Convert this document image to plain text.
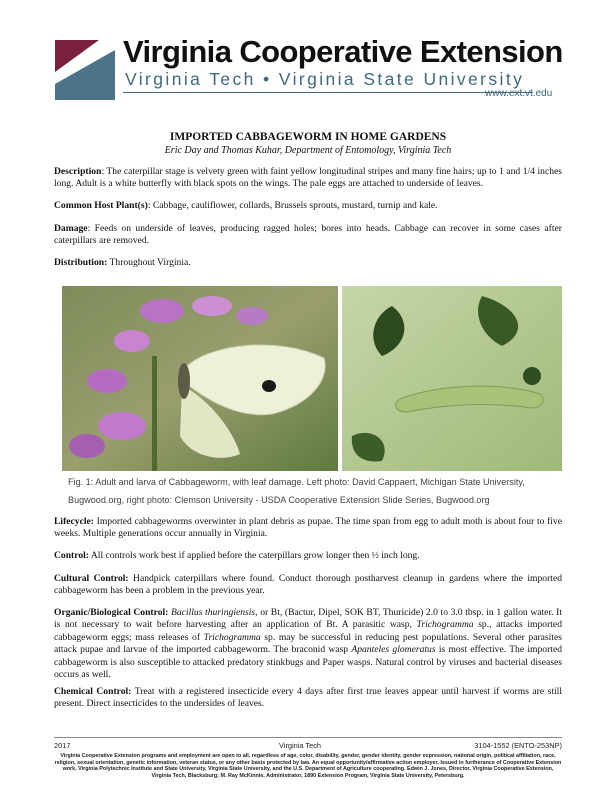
Virginia Cooperative Extension
Virginia Tech • Virginia State University
www.ext.vt.edu
IMPORTED CABBAGEWORM IN HOME GARDENS
Eric Day and Thomas Kuhar, Department of Entomology, Virginia Tech
Description: The caterpillar stage is velvety green with faint yellow longitudinal stripes and many fine hairs; up to 1 and 1/4 inches long. Adult is a white butterfly with black spots on the wings. The pale eggs are attached to underside of leaves.
Common Host Plant(s): Cabbage, cauliflower, collards, Brussels sprouts, mustard, turnip and kale.
Damage: Feeds on underside of leaves, producing ragged holes; bores into heads. Cabbage can recover in some cases after caterpillars are removed.
Distribution: Throughout Virginia.
Fig. 1: Adult and larva of Cabbageworm, with leaf damage. Left photo: David Cappaert, Michigan State University,
Bugwood.org, right photo: Clemson University - USDA Cooperative Extension Slide Series, Bugwood.org
Lifecycle: Imported cabbageworms overwinter in plant debris as pupae. The time span from egg to adult moth is about four to five weeks. Multiple generations occur annually in Virginia.
Control: All controls work best if applied before the caterpillars grow longer then ½ inch long.
Cultural Control: Handpick caterpillars where found. Conduct thorough postharvest cleanup in gardens where the imported cabbageworm has been a problem in the previous year.
Organic/Biological Control: Bacillus thuringiensis, or Bt, (Bactur, Dipel, SOK BT, Thuricide) 2.0 to 3.0 tbsp. in 1 gallon water. It is not necessary to wait before harvesting after an application of Bt. A parasitic wasp, Trichogramma sp., attacks imported cabbageworm eggs; mass releases of Trichogramma sp. may be successful in reducing pest populations. Several other parasites attack pupae and larvae of the imported cabbageworm. The braconid wasp Apanteles glomeratus is most effective. The imported cabbageworm is also susceptible to attacked predatory stinkbugs and Paper wasps. Natural control by viruses and bacterial diseases occurs as well.
Chemical Control: Treat with a registered insecticide every 4 days after first true leaves appear until harvest if worms are still present. Direct insecticides to the undersides of leaves.
2017	Virginia Tech	3104-1552 (ENTO-253NP)
Virginia Cooperative Extension programs and employment are open to all, regardless of age, color, disability, gender, gender identity, gender expression, national origin, political affiliation, race, religion, sexual orientation, genetic information, veteran status, or any other basis protected by law. An equal opportunity/affirmative action employer. Issued in furtherance of Cooperative Extension work, Virginia Polytechnic Institute and State University, Virginia State University, and the U.S. Department of Agriculture cooperating. Edwin J. Jones, Director, Virginia Cooperative Extension, Virginia Tech, Blacksburg; M. Ray McKinnie, Administrator, 1890 Extension Program, Virginia State University, Petersburg.
